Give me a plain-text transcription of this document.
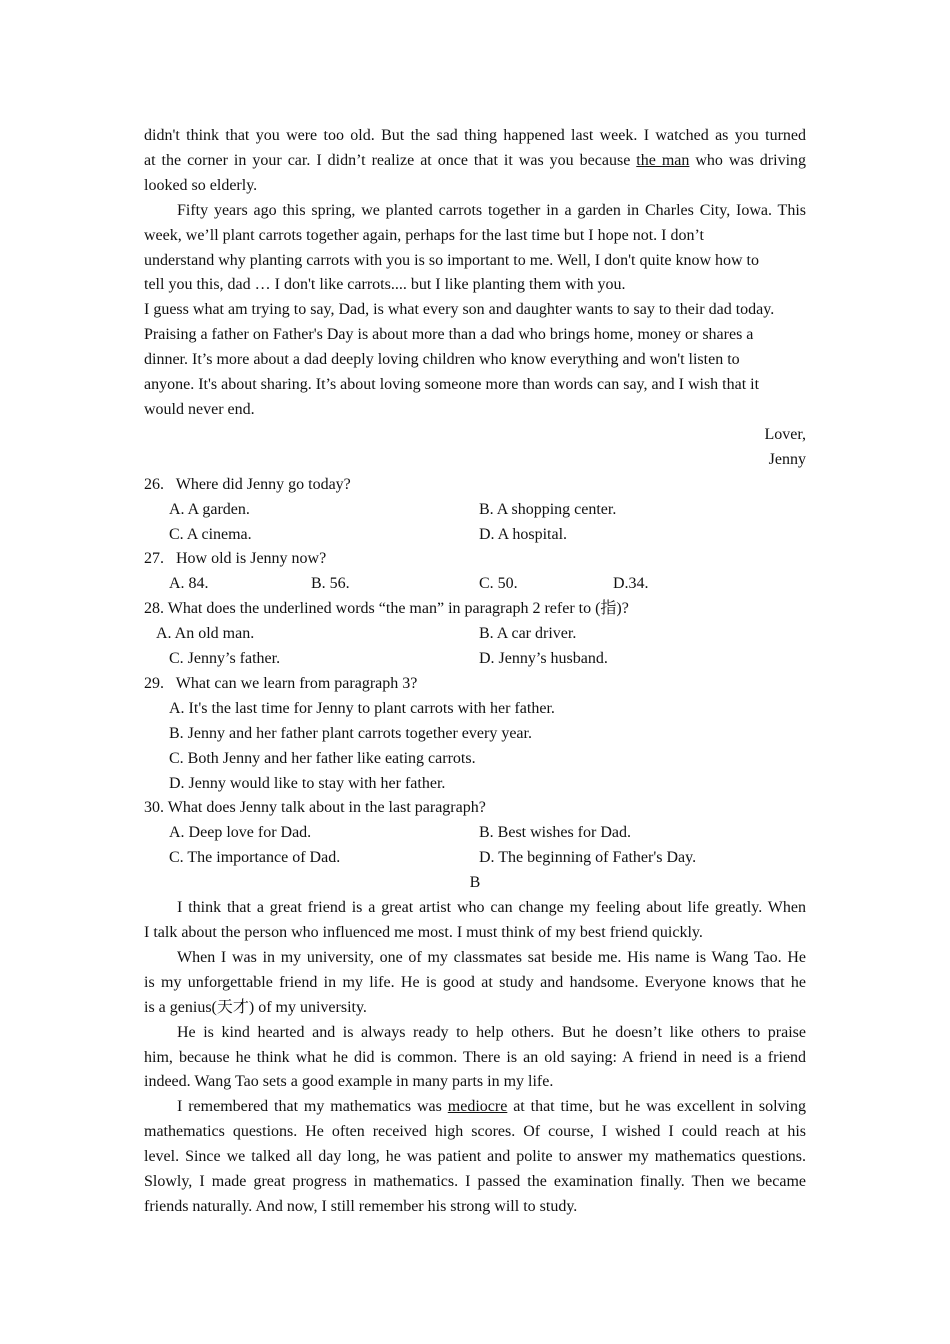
didn't think that you were too old. But the sad thing happened last week. I watched as you turned
at the corner in your car. I didn’t realize at once that it was you because the man who was driving
looked so elderly.
Fifty years ago this spring, we planted carrots together in a garden in Charles City, Iowa. This
week, we’ll plant carrots together again, perhaps for the last time but I hope not. I don’t
understand why planting carrots with you is so important to me. Well, I don't quite know how to
tell you this, dad … I don't like carrots.... but I like planting them with you.
I guess what am trying to say, Dad, is what every son and daughter wants to say to their dad today.
Praising a father on Father's Day is about more than a dad who brings home, money or shares a
dinner. It’s more about a dad deeply loving children who know everything and won't listen to
anyone. It's about sharing. It’s about loving someone more than words can say, and I wish that it
would never end.
Lover,
Jenny
26.   Where did Jenny go today?
A. A garden.	B. A shopping center.
C. A cinema.	D. A hospital.
27.   How old is Jenny now?
A. 84.	B. 56.	C. 50.	D.34.
28. What does the underlined words “the man” in paragraph 2 refer to (指)?
A. An old man.	B. A car driver.
C. Jenny’s father.	D. Jenny’s husband.
29.   What can we learn from paragraph 3?
A. It's the last time for Jenny to plant carrots with her father.
B. Jenny and her father plant carrots together every year.
C. Both Jenny and her father like eating carrots.
D. Jenny would like to stay with her father.
30. What does Jenny talk about in the last paragraph?
A. Deep love for Dad.	B. Best wishes for Dad.
C. The importance of Dad.	D. The beginning of Father's Day.
B
I think that a great friend is a great artist who can change my feeling about life greatly. When
I talk about the person who influenced me most. I must think of my best friend quickly.
When I was in my university, one of my classmates sat beside me. His name is Wang Tao. He
is my unforgettable friend in my life. He is good at study and handsome. Everyone knows that he
is a genius(天才) of my university.
He is kind hearted and is always ready to help others. But he doesn’t like others to praise
him, because he think what he did is common. There is an old saying: A friend in need is a friend
indeed. Wang Tao sets a good example in many parts in my life.
I remembered that my mathematics was mediocre at that time, but he was excellent in solving
mathematics questions. He often received high scores. Of course, I wished I could reach at his
level. Since we talked all day long, he was patient and polite to answer my mathematics questions.
Slowly, I made great progress in mathematics. I passed the examination finally. Then we became
friends naturally. And now, I still remember his strong will to study.
